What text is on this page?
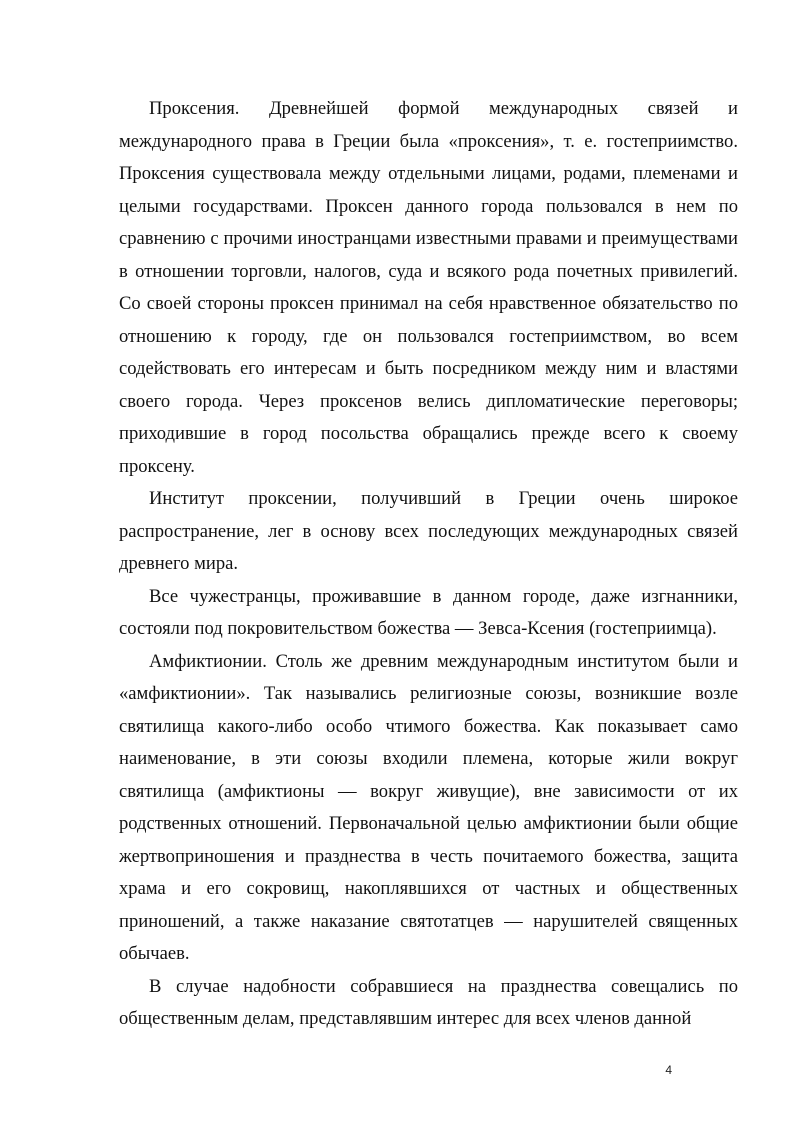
Проксения. Древнейшей формой международных связей и международного права в Греции была «проксения», т. е. гостеприимство. Проксения существовала между отдельными лицами, родами, племенами и целыми государствами. Проксен данного города пользовался в нем по сравнению с прочими иностранцами известными правами и преимуществами в отношении торговли, налогов, суда и всякого рода почетных привилегий. Со своей стороны проксен принимал на себя нравственное обязательство по отношению к городу, где он пользовался гостеприимством, во всем содействовать его интересам и быть посредником между ним и властями своего города. Через проксенов велись дипломатические переговоры; приходившие в город посольства обращались прежде всего к своему проксену.

Институт проксении, получивший в Греции очень широкое распространение, лег в основу всех последующих международных связей древнего мира.

Все чужестранцы, проживавшие в данном городе, даже изгнанники, состояли под покровительством божества — Зевса-Ксения (гостеприимца).

Амфиктионии. Столь же древним международным институтом были и «амфиктионии». Так назывались религиозные союзы, возникшие возле святилища какого-либо особо чтимого божества. Как показывает само наименование, в эти союзы входили племена, которые жили вокруг святилища (амфиктионы — вокруг живущие), вне зависимости от их родственных отношений. Первоначальной целью амфиктионии были общие жертвоприношения и празднества в честь почитаемого божества, защита храма и его сокровищ, накоплявшихся от частных и общественных приношений, а также наказание святотатцев — нарушителей священных обычаев.

В случае надобности собравшиеся на празднества совещались по общественным делам, представлявшим интерес для всех членов данной

4
